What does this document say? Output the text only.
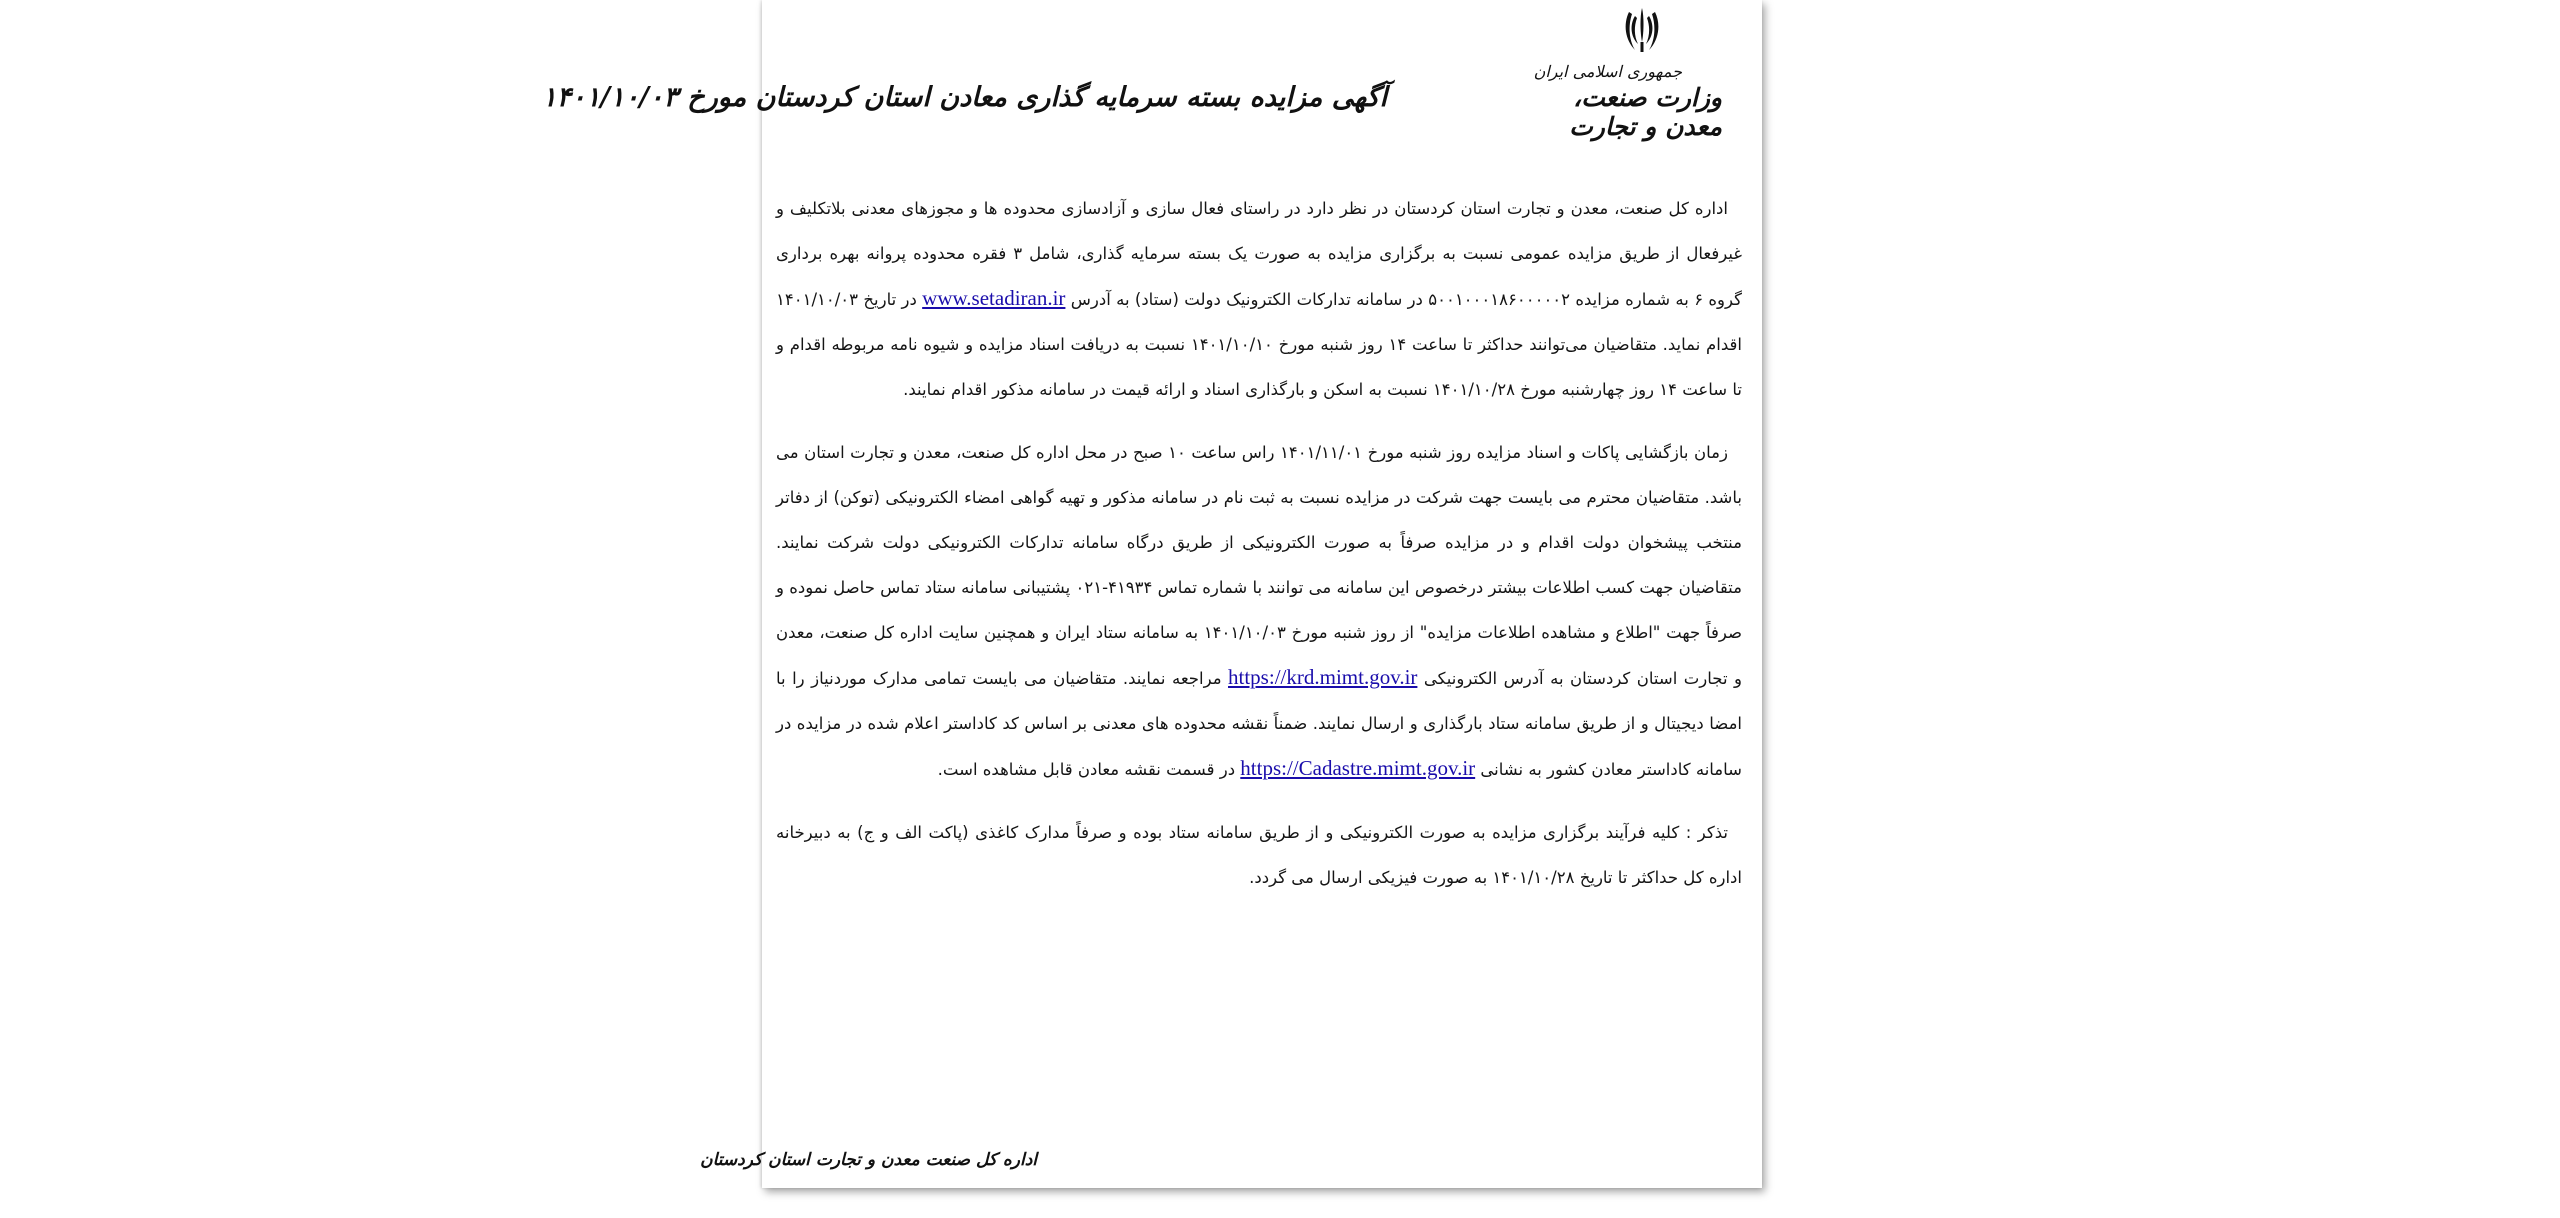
جمهوری اسلامی ایران
وزارت صنعت، معدن و تجارت
آگهی مزایده بسته سرمایه گذاری معادن استان کردستان مورخ ۱۴۰۱/۱۰/۰۳

اداره کل صنعت، معدن و تجارت استان کردستان در نظر دارد در راستای فعال سازی و آزادسازی محدوده ها و مجوزهای معدنی بلاتکلیف و غیرفعال از طریق مزایده عمومی نسبت به برگزاری مزایده به صورت یک بسته سرمایه گذاری، شامل ۳ فقره محدوده پروانه بهره برداری گروه ۶ به شماره مزایده ۵۰۰۱۰۰۰۱۸۶۰۰۰۰۰۲ در سامانه تدارکات الکترونیک دولت (ستاد) به آدرس www.setadiran.ir در تاریخ ۱۴۰۱/۱۰/۰۳ اقدام نماید. متقاضیان می‌توانند حداکثر تا ساعت ۱۴ روز شنبه مورخ ۱۴۰۱/۱۰/۱۰ نسبت به دریافت اسناد مزایده و شیوه نامه مربوطه اقدام و تا ساعت ۱۴ روز چهارشنبه مورخ ۱۴۰۱/۱۰/۲۸ نسبت به اسکن و بارگذاری اسناد و ارائه قیمت در سامانه مذکور اقدام نمایند.

زمان بازگشایی پاکات و اسناد مزایده روز شنبه مورخ ۱۴۰۱/۱۱/۰۱ راس ساعت ۱۰ صبح در محل اداره کل صنعت، معدن و تجارت استان می باشد. متقاضیان محترم می بایست جهت شرکت در مزایده نسبت به ثبت نام در سامانه مذکور و تهیه گواهی امضاء الکترونیکی (توکن) از دفاتر منتخب پیشخوان دولت اقدام و در مزایده صرفاً به صورت الکترونیکی از طریق درگاه سامانه تدارکات الکترونیکی دولت شرکت نمایند. متقاضیان جهت کسب اطلاعات بیشتر درخصوص این سامانه می توانند با شماره تماس ۴۱۹۳۴-۰۲۱ پشتیبانی سامانه ستاد تماس حاصل نموده و صرفاً جهت "اطلاع و مشاهده اطلاعات مزایده" از روز شنبه مورخ ۱۴۰۱/۱۰/۰۳ به سامانه ستاد ایران و همچنین سایت اداره کل صنعت، معدن و تجارت استان کردستان به آدرس الکترونیکی https://krd.mimt.gov.ir مراجعه نمایند. متقاضیان می بایست تمامی مدارک موردنیاز را با امضا دیجیتال و از طریق سامانه ستاد بارگذاری و ارسال نمایند. ضمناً نقشه محدوده های معدنی بر اساس کد کاداستر اعلام شده در مزایده در سامانه کاداستر معادن کشور به نشانی https://Cadastre.mimt.gov.ir در قسمت نقشه معادن قابل مشاهده است.

تذکر : کلیه فرآیند برگزاری مزایده به صورت الکترونیکی و از طریق سامانه ستاد بوده و صرفاً مدارک کاغذی (پاکت الف و ج) به دبیرخانه اداره کل حداکثر تا تاریخ ۱۴۰۱/۱۰/۲۸ به صورت فیزیکی ارسال می گردد.

اداره کل صنعت معدن و تجارت استان کردستان
